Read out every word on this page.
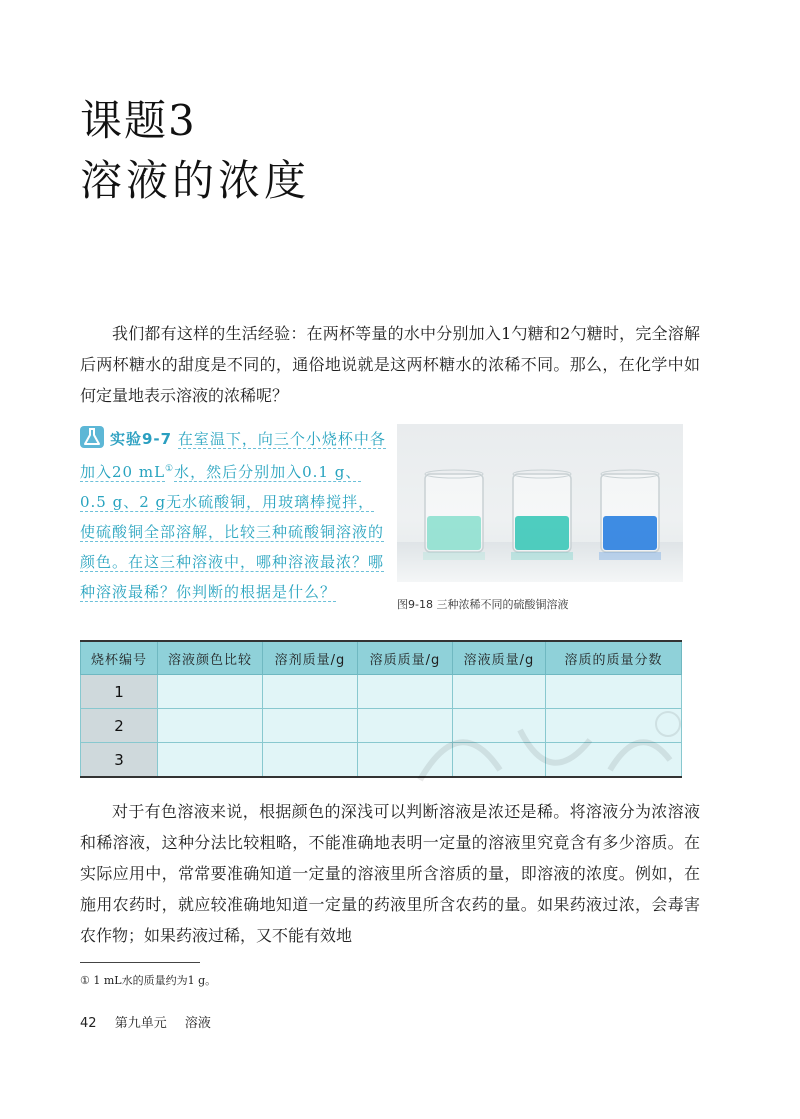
课题3
溶液的浓度

我们都有这样的生活经验：在两杯等量的水中分别加入1勺糖和2勺糖时，完全溶解后两杯糖水的甜度是不同的，通俗地说就是这两杯糖水的浓稀不同。那么，在化学中如何定量地表示溶液的浓稀呢？

实验9-7 在室温下，向三个小烧杯中各加入20 mL①水，然后分别加入0.1 g、0.5 g、2 g无水硫酸铜，用玻璃棒搅拌，使硫酸铜全部溶解，比较三种硫酸铜溶液的颜色。在这三种溶液中，哪种溶液最浓？哪种溶液最稀？你判断的根据是什么？
图9-18 三种浓稀不同的硫酸铜溶液
烧杯编号	溶液颜色比较	溶剂质量/g	溶质质量/g	溶液质量/g	溶质的质量分数
1					
2					
3					

对于有色溶液来说，根据颜色的深浅可以判断溶液是浓还是稀。将溶液分为浓溶液和稀溶液，这种分法比较粗略，不能准确地表明一定量的溶液里究竟含有多少溶质。在实际应用中，常常要准确知道一定量的溶液里所含溶质的量，即溶液的浓度。例如，在施用农药时，就应较准确地知道一定量的药液里所含农药的量。如果药液过浓，会毒害农作物；如果药液过稀，又不能有效地

① 1 mL水的质量约为1 g。
42 第九单元 溶液
